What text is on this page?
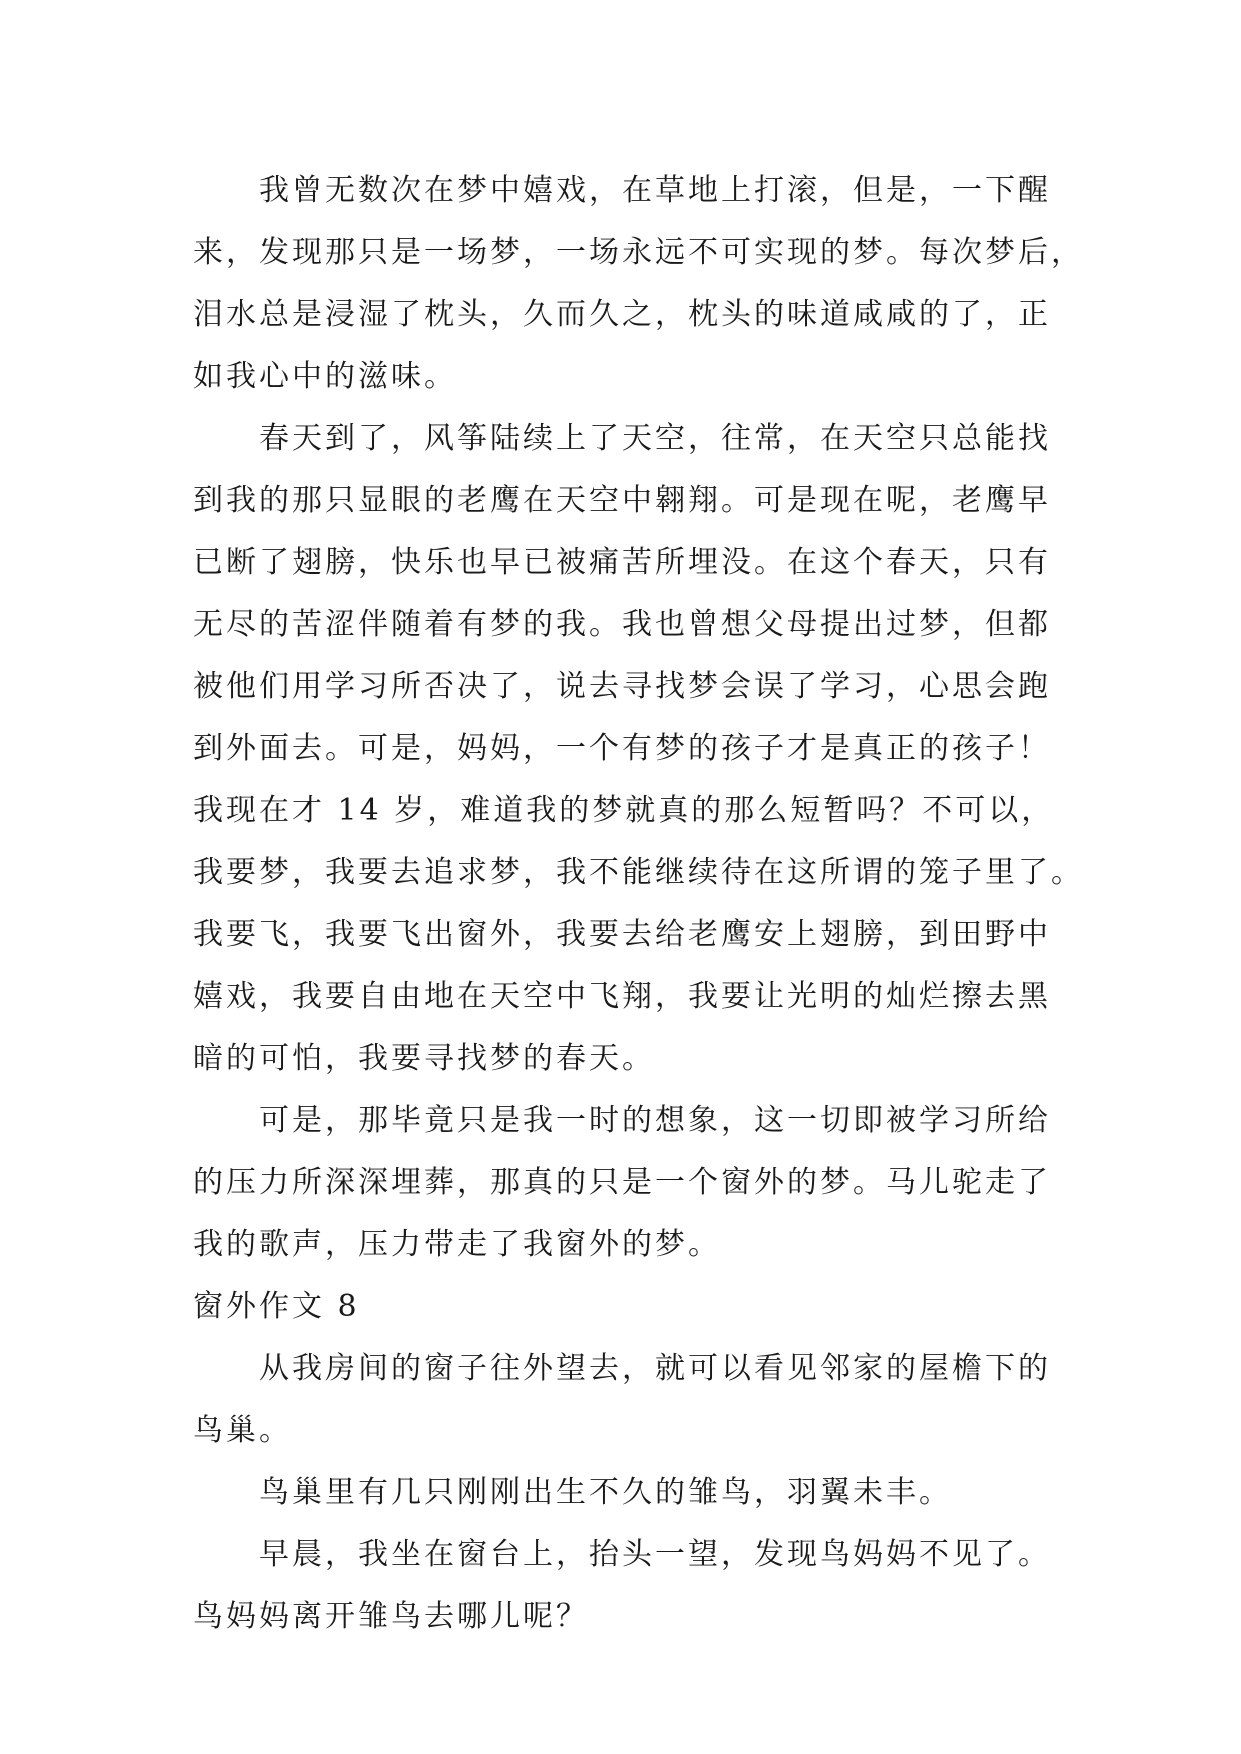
我曾无数次在梦中嬉戏，在草地上打滚，但是，一下醒
来，发现那只是一场梦，一场永远不可实现的梦。每次梦后，
泪水总是浸湿了枕头，久而久之，枕头的味道咸咸的了，正
如我心中的滋味。

春天到了，风筝陆续上了天空，往常，在天空只总能找
到我的那只显眼的老鹰在天空中翱翔。可是现在呢，老鹰早
已断了翅膀，快乐也早已被痛苦所埋没。在这个春天，只有
无尽的苦涩伴随着有梦的我。我也曾想父母提出过梦，但都
被他们用学习所否决了，说去寻找梦会误了学习，心思会跑
到外面去。可是，妈妈，一个有梦的孩子才是真正的孩子！
我现在才 14 岁，难道我的梦就真的那么短暂吗？不可以，
我要梦，我要去追求梦，我不能继续待在这所谓的笼子里了。
我要飞，我要飞出窗外，我要去给老鹰安上翅膀，到田野中
嬉戏，我要自由地在天空中飞翔，我要让光明的灿烂擦去黑
暗的可怕，我要寻找梦的春天。

可是，那毕竟只是我一时的想象，这一切即被学习所给
的压力所深深埋葬，那真的只是一个窗外的梦。马儿驼走了
我的歌声，压力带走了我窗外的梦。

窗外作文 8

从我房间的窗子往外望去，就可以看见邻家的屋檐下的
鸟巢。

鸟巢里有几只刚刚出生不久的雏鸟，羽翼未丰。

早晨，我坐在窗台上，抬头一望，发现鸟妈妈不见了。
鸟妈妈离开雏鸟去哪儿呢？
